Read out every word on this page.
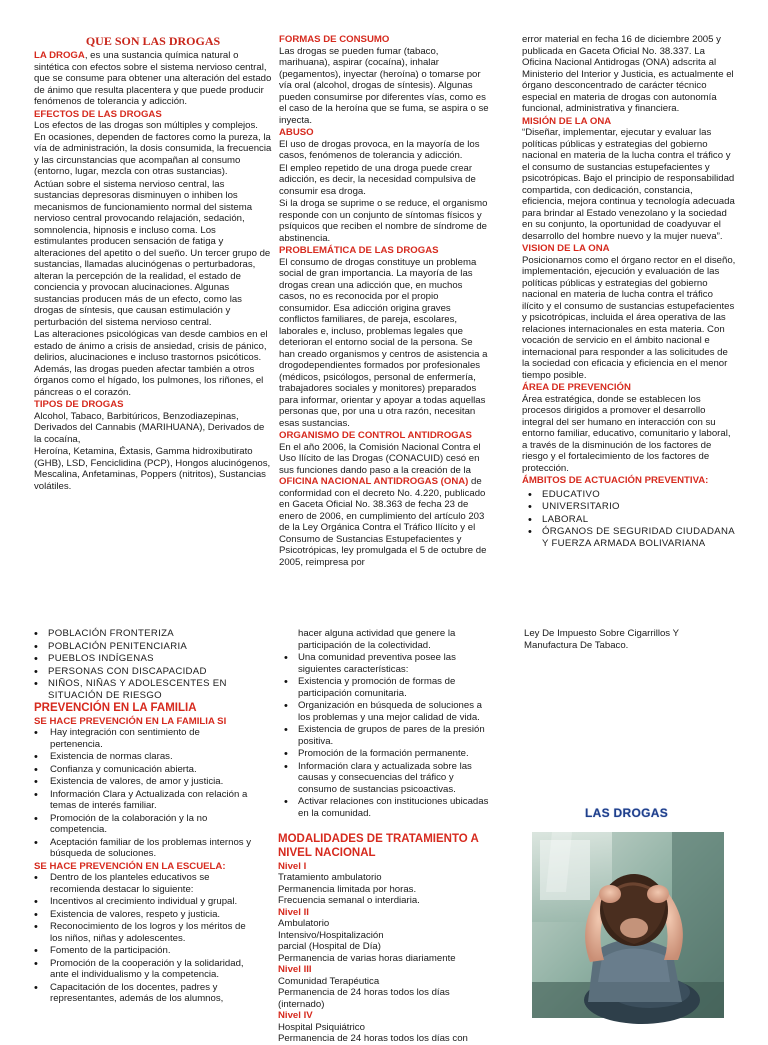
QUE SON LAS DROGAS
LA DROGA, es una sustancia química natural o sintética con efectos sobre el sistema nervioso central, que se consume para obtener una alteración del estado de ánimo que resulta placentera y que puede producir fenómenos de tolerancia y adicción.
EFECTOS DE LAS DROGAS
Los efectos de las drogas son múltiples y complejos. En ocasiones, dependen de factores como la pureza, la vía de administración, la dosis consumida, la frecuencia y las circunstancias que acompañan al consumo (entorno, lugar, mezcla con otras sustancias).
Actúan sobre el sistema nervioso central, las sustancias depresoras disminuyen o inhiben los mecanismos de funcionamiento normal del sistema nervioso central provocando relajación, sedación, somnolencia, hipnosis e incluso coma. Los estimulantes producen sensación de fatiga y alteraciones del apetito o del sueño. Un tercer grupo de sustancias, llamadas alucinógenas o perturbadoras, alteran la percepción de la realidad, el estado de conciencia y provocan alucinaciones. Algunas sustancias producen más de un efecto, como las drogas de síntesis, que causan estimulación y perturbación del sistema nervioso central.
Las alteraciones psicológicas van desde cambios en el estado de ánimo a crisis de ansiedad, crisis de pánico, delirios, alucinaciones e incluso trastornos psicóticos. Además, las drogas pueden afectar también a otros órganos como el hígado, los pulmones, los riñones, el páncreas o el corazón.
TIPOS DE DROGAS
Alcohol, Tabaco, Barbitúricos, Benzodiazepinas, Derivados del Cannabis (MARIHUANA), Derivados de la cocaína,
Heroína, Ketamina, Éxtasis, Gamma hidroxibutirato (GHB), LSD, Fenciclidina (PCP), Hongos alucinógenos, Mescalina, Anfetaminas, Poppers (nitritos), Sustancias volátiles.
FORMAS DE CONSUMO
Las drogas se pueden fumar (tabaco, marihuana), aspirar (cocaína), inhalar (pegamentos), inyectar (heroína) o tomarse por vía oral (alcohol, drogas de síntesis). Algunas pueden consumirse por diferentes vías, como es el caso de la heroína que se fuma, se aspira o se inyecta.
ABUSO
El uso de drogas provoca, en la mayoría de los casos, fenómenos de tolerancia y adicción.
El empleo repetido de una droga puede crear adicción, es decir, la necesidad compulsiva de consumir esa droga.
Si la droga se suprime o se reduce, el organismo responde con un conjunto de síntomas físicos y psíquicos que reciben el nombre de síndrome de abstinencia.
PROBLEMÁTICA DE LAS DROGAS
El consumo de drogas constituye un problema social de gran importancia. La mayoría de las drogas crean una adicción que, en muchos casos, no es reconocida por el propio consumidor. Esa adicción origina graves conflictos familiares, de pareja, escolares, laborales e, incluso, problemas legales que deterioran el entorno social de la persona. Se han creado organismos y centros de asistencia a drogodependientes formados por profesionales (médicos, psicólogos, personal de enfermería, trabajadores sociales y monitores) preparados para informar, orientar y apoyar a todas aquellas personas que, por una u otra razón, necesitan esas sustancias.
ORGANISMO DE CONTROL ANTIDROGAS
En el año 2006, la Comisión Nacional Contra el Uso Ilícito de las Drogas (CONACUID) cesó en sus funciones dando paso a la creación de la OFICINA NACIONAL ANTIDROGAS (ONA) de conformidad con el decreto No. 4.220, publicado en Gaceta Oficial No. 38.363 de fecha 23 de enero de 2006, en cumplimiento del artículo 203 de la Ley Orgánica Contra el Tráfico Ilícito y el Consumo de Sustancias Estupefacientes y Psicotrópicas, ley promulgada el 5 de octubre de 2005, reimpresa por
error material en fecha 16 de diciembre 2005 y publicada en Gaceta Oficial No. 38.337. La Oficina Nacional Antidrogas (ONA) adscrita al Ministerio del Interior y Justicia, es actualmente el órgano desconcentrado de carácter técnico especial en materia de drogas con autonomía funcional, administrativa y financiera.
MISIÓN DE LA ONA
“Diseñar, implementar, ejecutar y evaluar las políticas públicas y estrategias del gobierno nacional en materia de la lucha contra el tráfico y el consumo de sustancias estupefacientes y psicotrópicas. Bajo el principio de responsabilidad compartida, con dedicación, constancia, eficiencia, mejora continua y tecnología adecuada para brindar al Estado venezolano y la sociedad en su conjunto, la oportunidad de coadyuvar el desarrollo del hombre nuevo y la mujer nueva”.
VISION DE LA ONA
Posicionarnos como el órgano rector en el diseño, implementación, ejecución y evaluación de las políticas públicas y estrategias del gobierno nacional en materia de lucha contra el tráfico ilícito y el consumo de sustancias estupefacientes y psicotrópicas, incluida el área operativa de las relaciones internacionales en esta materia. Con vocación de servicio en el ámbito nacional e internacional para responder a las solicitudes de la sociedad con eficacia y eficiencia en el menor tiempo posible.
ÁREA DE PREVENCIÓN
Área estratégica, donde se establecen los procesos dirigidos a promover el desarrollo integral del ser humano en interacción con su entorno familiar, educativo, comunitario y laboral, a través de la disminución de los factores de riesgo y el fortalecimiento de los factores de protección.
ÁMBITOS DE ACTUACIÓN PREVENTIVA:
• EDUCATIVO
• UNIVERSITARIO
• LABORAL
• ÓRGANOS DE SEGURIDAD CIUDADANA Y FUERZA ARMADA BOLIVARIANA
• POBLACIÓN FRONTERIZA
• POBLACIÓN PENITENCIARIA
• PUEBLOS INDÍGENAS
• PERSONAS CON DISCAPACIDAD
• NIÑOS, NIÑAS Y ADOLESCENTES EN SITUACIÓN DE RIESGO
PREVENCIÓN EN LA FAMILIA
SE HACE PREVENCIÓN EN LA FAMILIA SI
• Hay integración con sentimiento de pertenencia.
• Existencia de normas claras.
• Confianza y comunicación abierta.
• Existencia de valores, de amor y justicia.
• Información Clara y Actualizada con relación a temas de interés familiar.
• Promoción de la colaboración y la no competencia.
• Aceptación familiar de los problemas internos y búsqueda de soluciones.
SE HACE PREVENCIÓN EN LA ESCUELA:
• Dentro de los planteles educativos se recomienda destacar lo siguiente:
• Incentivos al crecimiento individual y grupal.
• Existencia de valores, respeto y justicia.
• Reconocimiento de los logros y los méritos de los niños, niñas y adolescentes.
• Fomento de la participación.
• Promoción de la cooperación y la solidaridad, ante el individualismo y la competencia.
• Capacitación de los docentes, padres y representantes, además de los alumnos,
hacer alguna actividad que genere la participación de la colectividad.
• Una comunidad preventiva posee las siguientes características:
• Existencia y promoción de formas de participación comunitaria.
• Organización en búsqueda de soluciones a los problemas y una mejor calidad de vida.
• Existencia de grupos de pares de la presión positiva.
• Promoción de la formación permanente.
• Información clara y actualizada sobre las causas y consecuencias del tráfico y consumo de sustancias psicoactivas.
• Activar relaciones con instituciones ubicadas en la comunidad.
MODALIDADES DE TRATAMIENTO A NIVEL NACIONAL
Nivel I
Tratamiento ambulatorio
Permanencia limitada por horas.
Frecuencia semanal o interdiaria.
Nivel II
Ambulatorio
Intensivo/Hospitalización
parcial (Hospital de Día)
Permanencia de varias horas diariamente
Nivel III
Comunidad Terapéutica
Permanencia de 24 horas todos los días
(internado)
Nivel IV
Hospital Psiquiátrico
Permanencia de 24 horas todos los días con
Ley De Impuesto Sobre Cigarrillos Y Manufactura De Tabaco.
LAS DROGAS
